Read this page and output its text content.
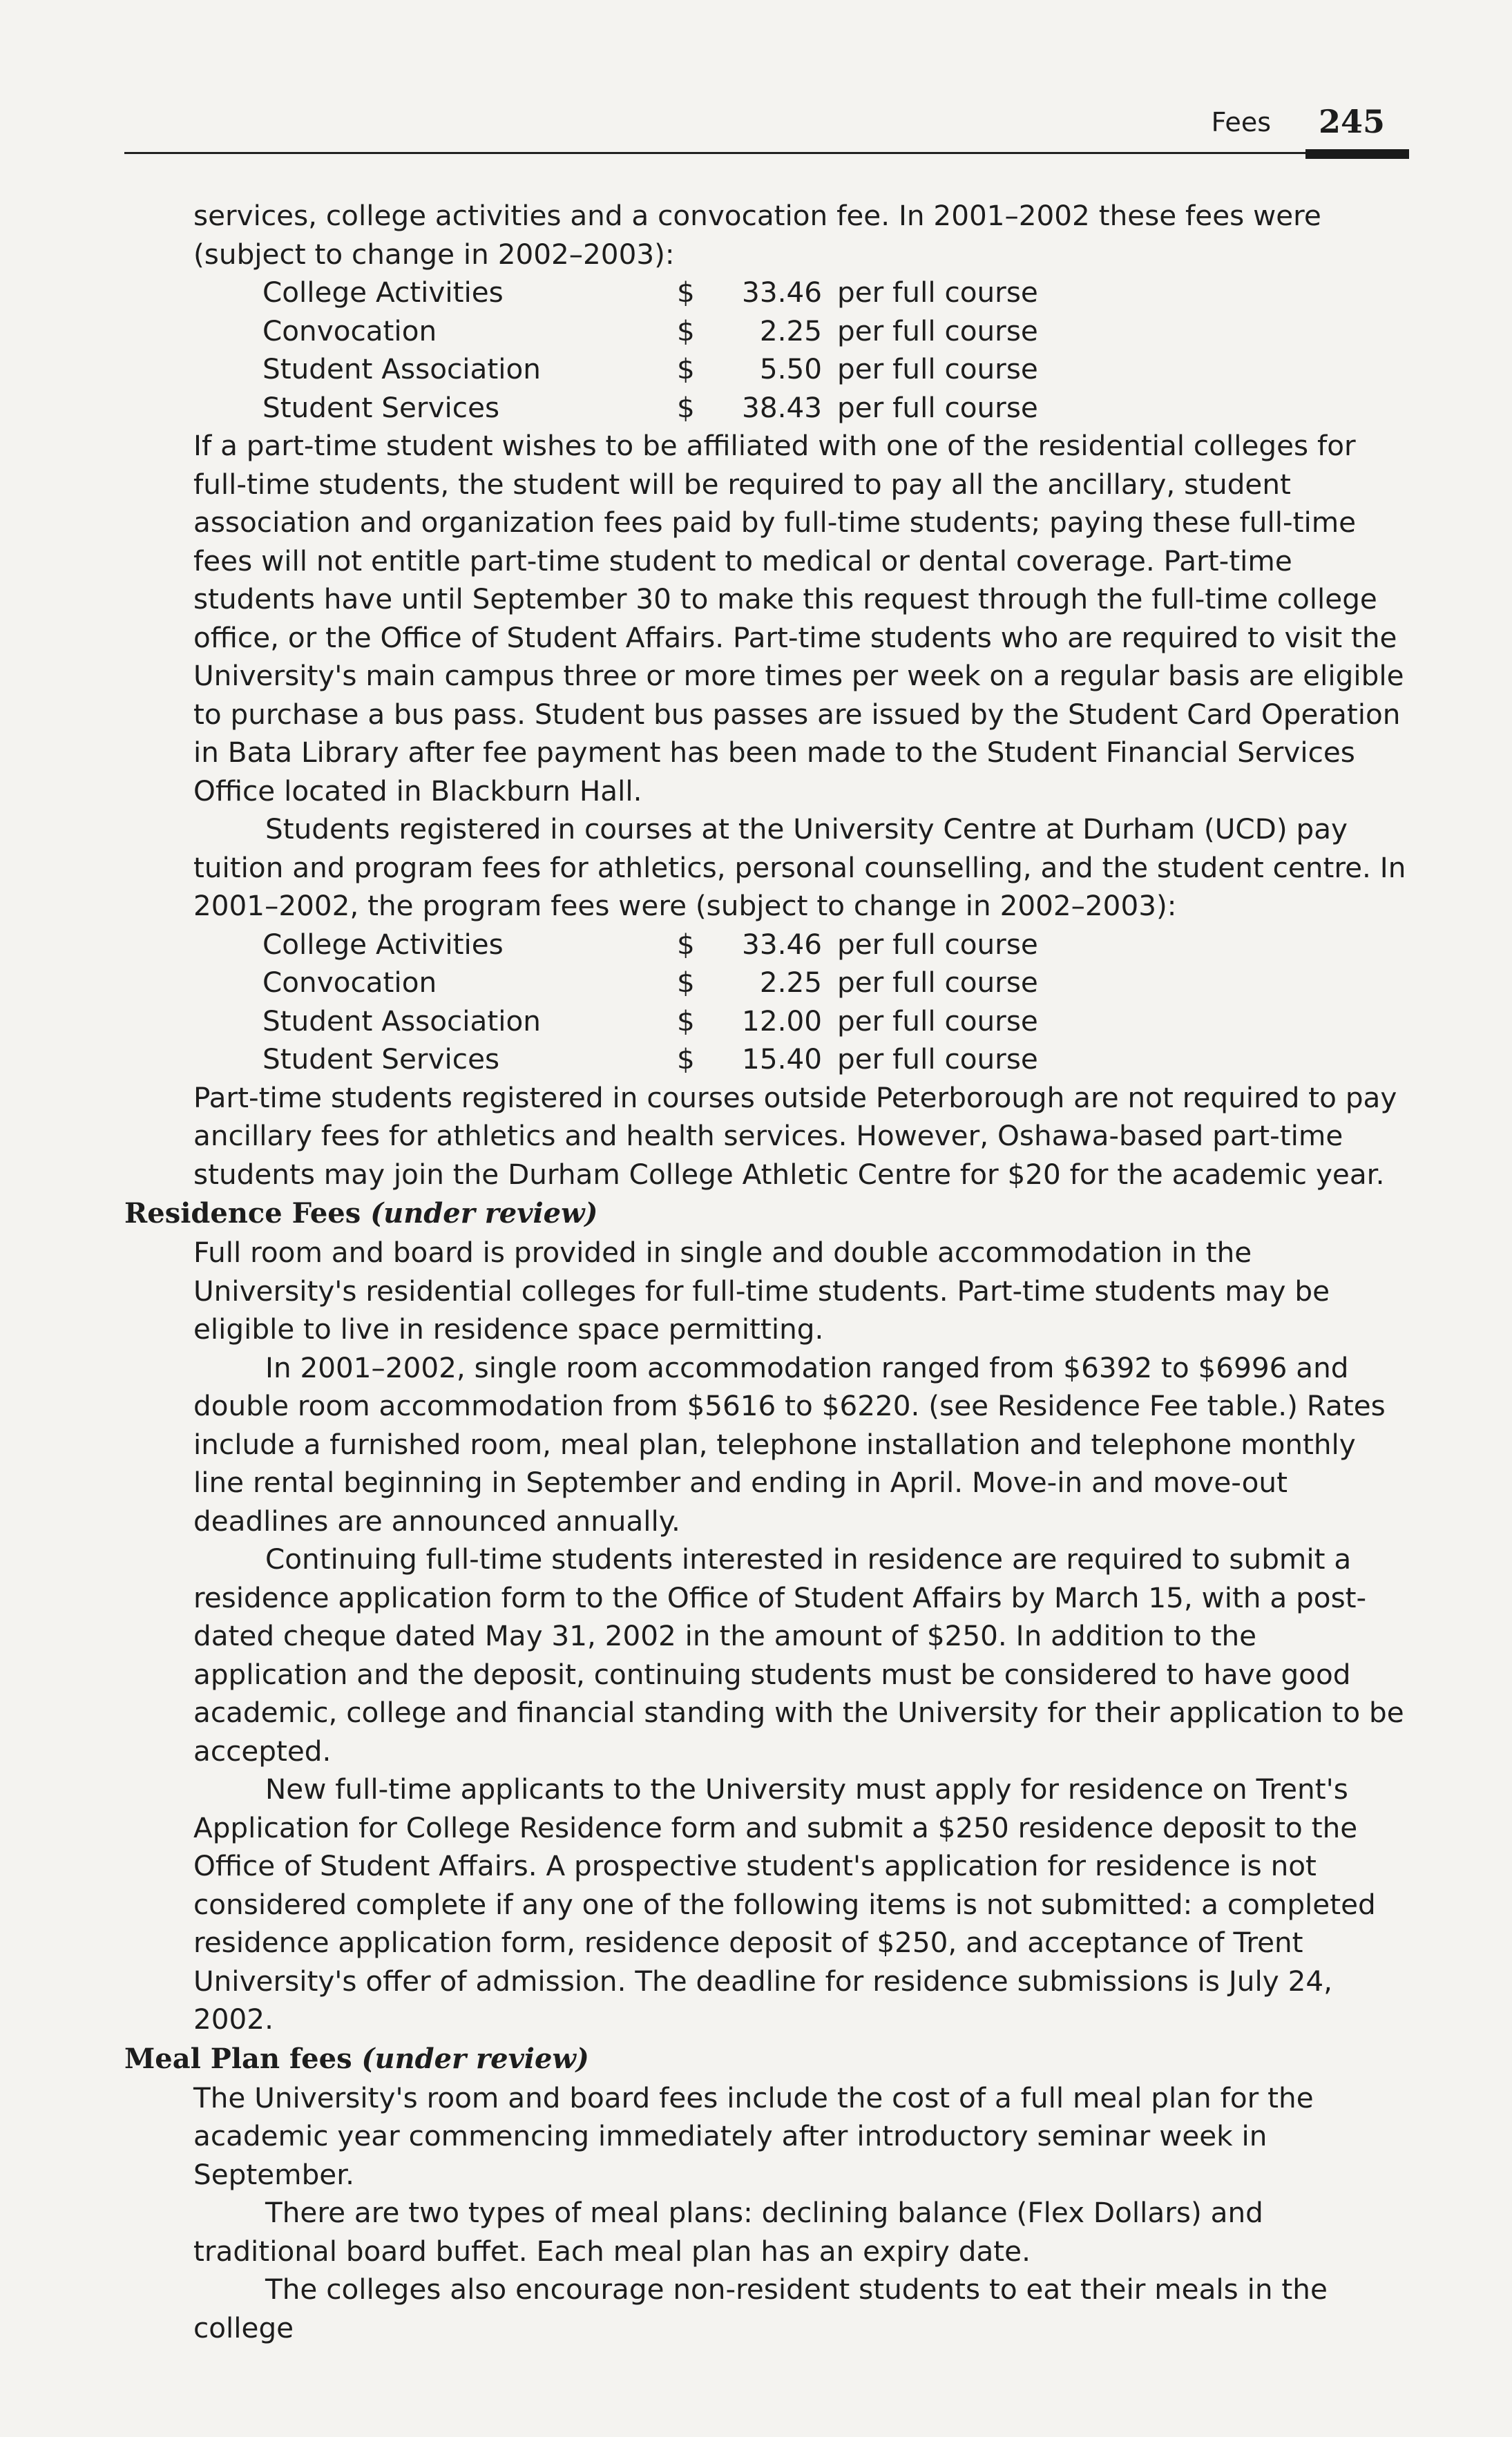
Fees 245

services, college activities and a convocation fee. In 2001–2002 these fees were (subject to change in 2002–2003):

College Activities	$	33.46	per full course
Convocation	$	2.25	per full course
Student Association	$	5.50	per full course
Student Services	$	38.43	per full course

If a part-time student wishes to be affiliated with one of the residential colleges for full-time students, the student will be required to pay all the ancillary, student association and organization fees paid by full-time students; paying these full-time fees will not entitle part-time student to medical or dental coverage. Part-time students have until September 30 to make this request through the full-time college office, or the Office of Student Affairs. Part-time students who are required to visit the University's main campus three or more times per week on a regular basis are eligible to purchase a bus pass. Student bus passes are issued by the Student Card Operation in Bata Library after fee payment has been made to the Student Financial Services Office located in Blackburn Hall.

Students registered in courses at the University Centre at Durham (UCD) pay tuition and program fees for athletics, personal counselling, and the student centre. In 2001–2002, the program fees were (subject to change in 2002–2003):

College Activities	$	33.46	per full course
Convocation	$	2.25	per full course
Student Association	$	12.00	per full course
Student Services	$	15.40	per full course

Part-time students registered in courses outside Peterborough are not required to pay ancillary fees for athletics and health services. However, Oshawa-based part-time students may join the Durham College Athletic Centre for $20 for the academic year.

Residence Fees (under review)

Full room and board is provided in single and double accommodation in the University's residential colleges for full-time students. Part-time students may be eligible to live in residence space permitting.

In 2001–2002, single room accommodation ranged from $6392 to $6996 and double room accommodation from $5616 to $6220. (see Residence Fee table.) Rates include a furnished room, meal plan, telephone installation and telephone monthly line rental beginning in September and ending in April. Move-in and move-out deadlines are announced annually.

Continuing full-time students interested in residence are required to submit a residence application form to the Office of Student Affairs by March 15, with a post-dated cheque dated May 31, 2002 in the amount of $250. In addition to the application and the deposit, continuing students must be considered to have good academic, college and financial standing with the University for their application to be accepted.

New full-time applicants to the University must apply for residence on Trent's Application for College Residence form and submit a $250 residence deposit to the Office of Student Affairs. A prospective student's application for residence is not considered complete if any one of the following items is not submitted: a completed residence application form, residence deposit of $250, and acceptance of Trent University's offer of admission. The deadline for residence submissions is July 24, 2002.

Meal Plan fees (under review)

The University's room and board fees include the cost of a full meal plan for the academic year commencing immediately after introductory seminar week in September.

There are two types of meal plans: declining balance (Flex Dollars) and traditional board buffet. Each meal plan has an expiry date.

The colleges also encourage non-resident students to eat their meals in the college
